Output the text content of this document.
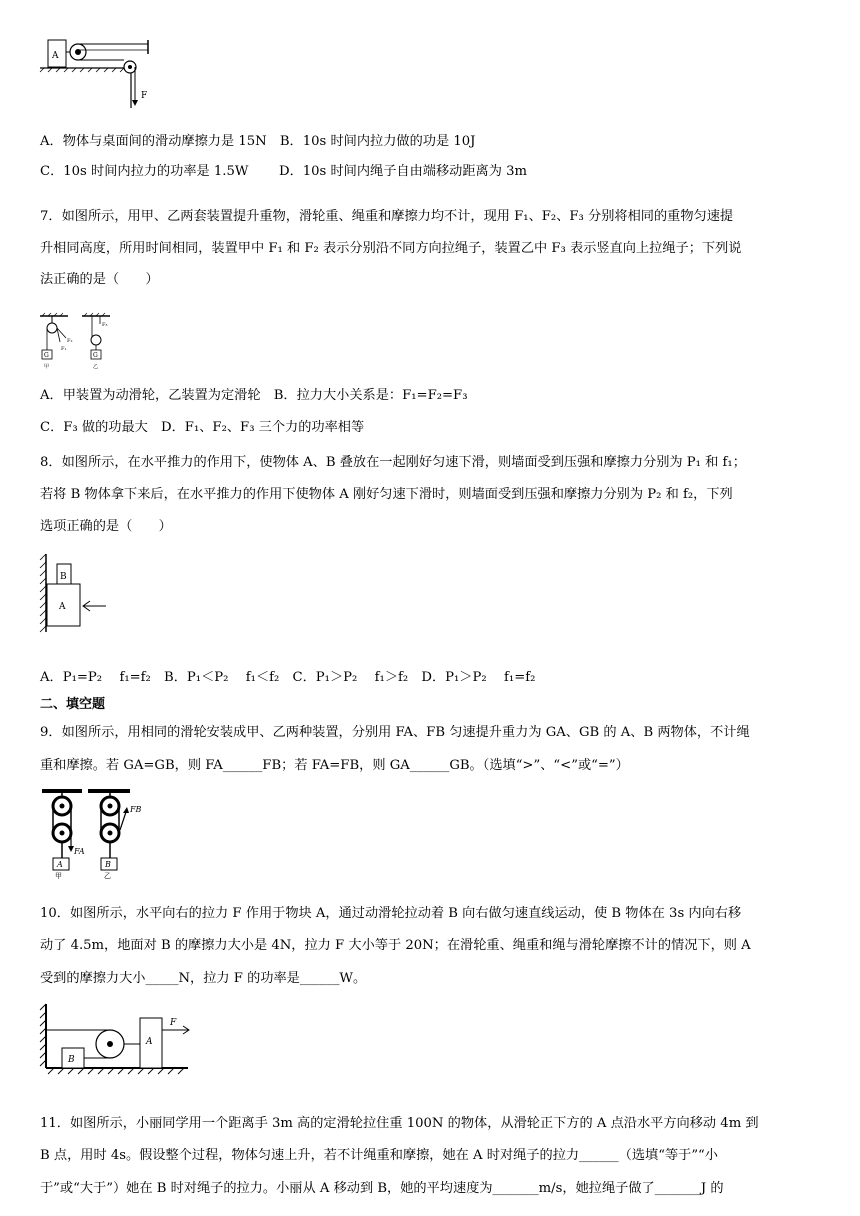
A
F
A．物体与桌面间的滑动摩擦力是 15N　B．10s 时间内拉力做的功是 10J
C．10s 时间内拉力的功率是 1.5W　　 D．10s 时间内绳子自由端移动距离为 3m
7．如图所示，用甲、乙两套装置提升重物，滑轮重、绳重和摩擦力均不计，现用 F₁、F₂、F₃ 分别将相同的重物匀速提
升相同高度，所用时间相同，装置甲中 F₁ 和 F₂ 表示分别沿不同方向拉绳子，装置乙中 F₃ 表示竖直向上拉绳子；下列说
法正确的是（　　）
F₁
F₂
G
甲
F₃
G
乙
A．甲装置为动滑轮，乙装置为定滑轮　B．拉力大小关系是：F₁=F₂=F₃
C．F₃ 做的功最大　D．F₁、F₂、F₃ 三个力的功率相等
8．如图所示，在水平推力的作用下，使物体 A、B 叠放在一起刚好匀速下滑，则墙面受到压强和摩擦力分别为 P₁ 和 f₁；
若将 B 物体拿下来后，在水平推力的作用下使物体 A 刚好匀速下滑时，则墙面受到压强和摩擦力分别为 P₂ 和 f₂，下列
选项正确的是（　　）
B
A
A．P₁=P₂　 f₁=f₂　B．P₁＜P₂　 f₁＜f₂　C．P₁＞P₂　 f₁＞f₂　D．P₁＞P₂　 f₁=f₂
二、填空题
9．如图所示，用相同的滑轮安装成甲、乙两种装置，分别用 FA、FB 匀速提升重力为 GA、GB 的 A、B 两物体，不计绳
重和摩擦。若 GA=GB，则 FA______FB；若 FA=FB，则 GA______GB。（选填“>”、“<”或“=”）
FA
A
甲
FB
B
乙
10．如图所示，水平向右的拉力 F 作用于物块 A，通过动滑轮拉动着 B 向右做匀速直线运动，使 B 物体在 3s 内向右移
动了 4.5m，地面对 B 的摩擦力大小是 4N，拉力 F 大小等于 20N；在滑轮重、绳重和绳与滑轮摩擦不计的情况下，则 A
受到的摩擦力大小_____N，拉力 F 的功率是______W。
B
A
F
11．如图所示，小丽同学用一个距离手 3m 高的定滑轮拉住重 100N 的物体，从滑轮正下方的 A 点沿水平方向移动 4m 到
B 点，用时 4s。假设整个过程，物体匀速上升，若不计绳重和摩擦，她在 A 时对绳子的拉力______（选填“等于”“小
于”或“大于”）她在 B 时对绳子的拉力。小丽从 A 移动到 B，她的平均速度为_______m/s，她拉绳子做了_______J 的
